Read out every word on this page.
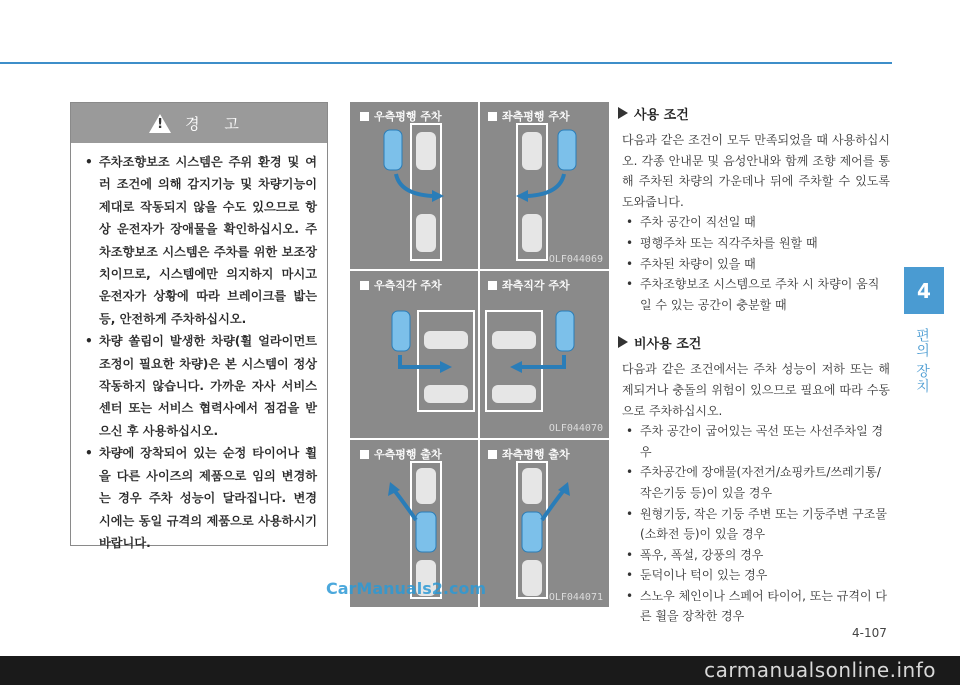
4
편의 장치
!
경 고
• 주차조향보조 시스템은 주위 환경 및 여러 조건에 의해 감지기능 및 차량기능이 제대로 작동되지 않을 수도 있으므로 항상 운전자가 장애물을 확인하십시오. 주차조향보조 시스템은 주차를 위한 보조장치이므로, 시스템에만 의지하지 마시고 운전자가 상황에 따라 브레이크를 밟는 등, 안전하게 주차하십시오.
• 차량 쏠림이 발생한 차량(휠 얼라이먼트 조정이 필요한 차량)은 본 시스템이 정상 작동하지 않습니다. 가까운 자사 서비스센터 또는 서비스 협력사에서 점검을 받으신 후 사용하십시오.
• 차량에 장착되어 있는 순정 타이어나 휠을 다른 사이즈의 제품으로 임의 변경하는 경우 주차 성능이 달라집니다. 변경 시에는 동일 규격의 제품으로 사용하시기 바랍니다.
우측평행 주차	좌측평행 주차
OLF044069
우측직각 주차	좌측직각 주차
OLF044070
우측평행 출차	좌측평행 출차
OLF044071
사용 조건
다음과 같은 조건이 모두 만족되었을 때 사용하십시오. 각종 안내문 및 음성안내와 함께 조향 제어를 통해 주차된 차량의 가운데나 뒤에 주차할 수 있도록 도와줍니다.
• 주차 공간이 직선일 때
• 평행주차 또는 직각주차를 원할 때
• 주차된 차량이 있을 때
• 주차조향보조 시스템으로 주차 시 차량이 움직일 수 있는 공간이 충분할 때
비사용 조건
다음과 같은 조건에서는 주차 성능이 저하 또는 해제되거나 충돌의 위험이 있으므로 필요에 따라 수동으로 주차하십시오.
• 주차 공간이 굽어있는 곡선 또는 사선주차일 경우
• 주차공간에 장애물(자전거/쇼핑카트/쓰레기통/작은기둥 등)이 있을 경우
• 원형기둥, 작은 기둥 주변 또는 기둥주변 구조물(소화전 등)이 있을 경우
• 폭우, 폭설, 강풍의 경우
• 둔덕이나 턱이 있는 경우
• 스노우 체인이나 스페어 타이어, 또는 규격이 다른 휠을 장착한 경우
4-107
CarManuals2.com
carmanualsonline.info
